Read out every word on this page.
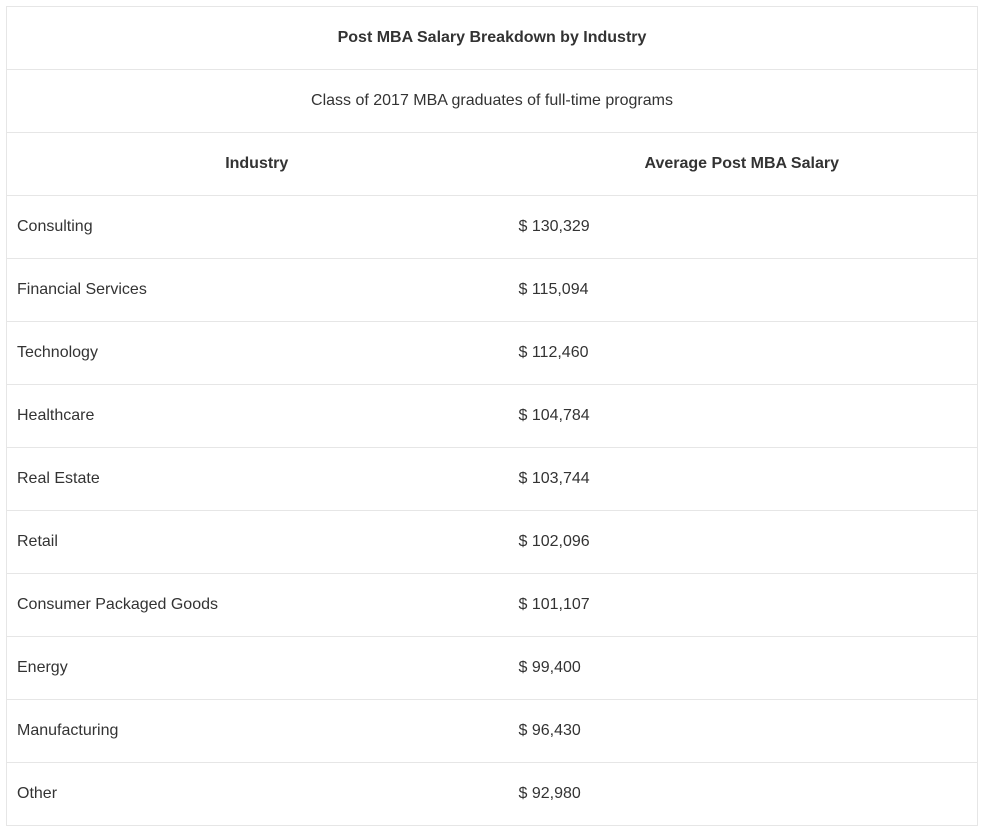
Post MBA Salary Breakdown by Industry	
Class of 2017 MBA graduates of full-time programs	
Industry	Average Post MBA Salary
Consulting	$ 130,329
Financial Services	$ 115,094
Technology	$ 112,460
Healthcare	$ 104,784
Real Estate	$ 103,744
Retail	$ 102,096
Consumer Packaged Goods	$ 101,107
Energy	$ 99,400
Manufacturing	$ 96,430
Other	$ 92,980
